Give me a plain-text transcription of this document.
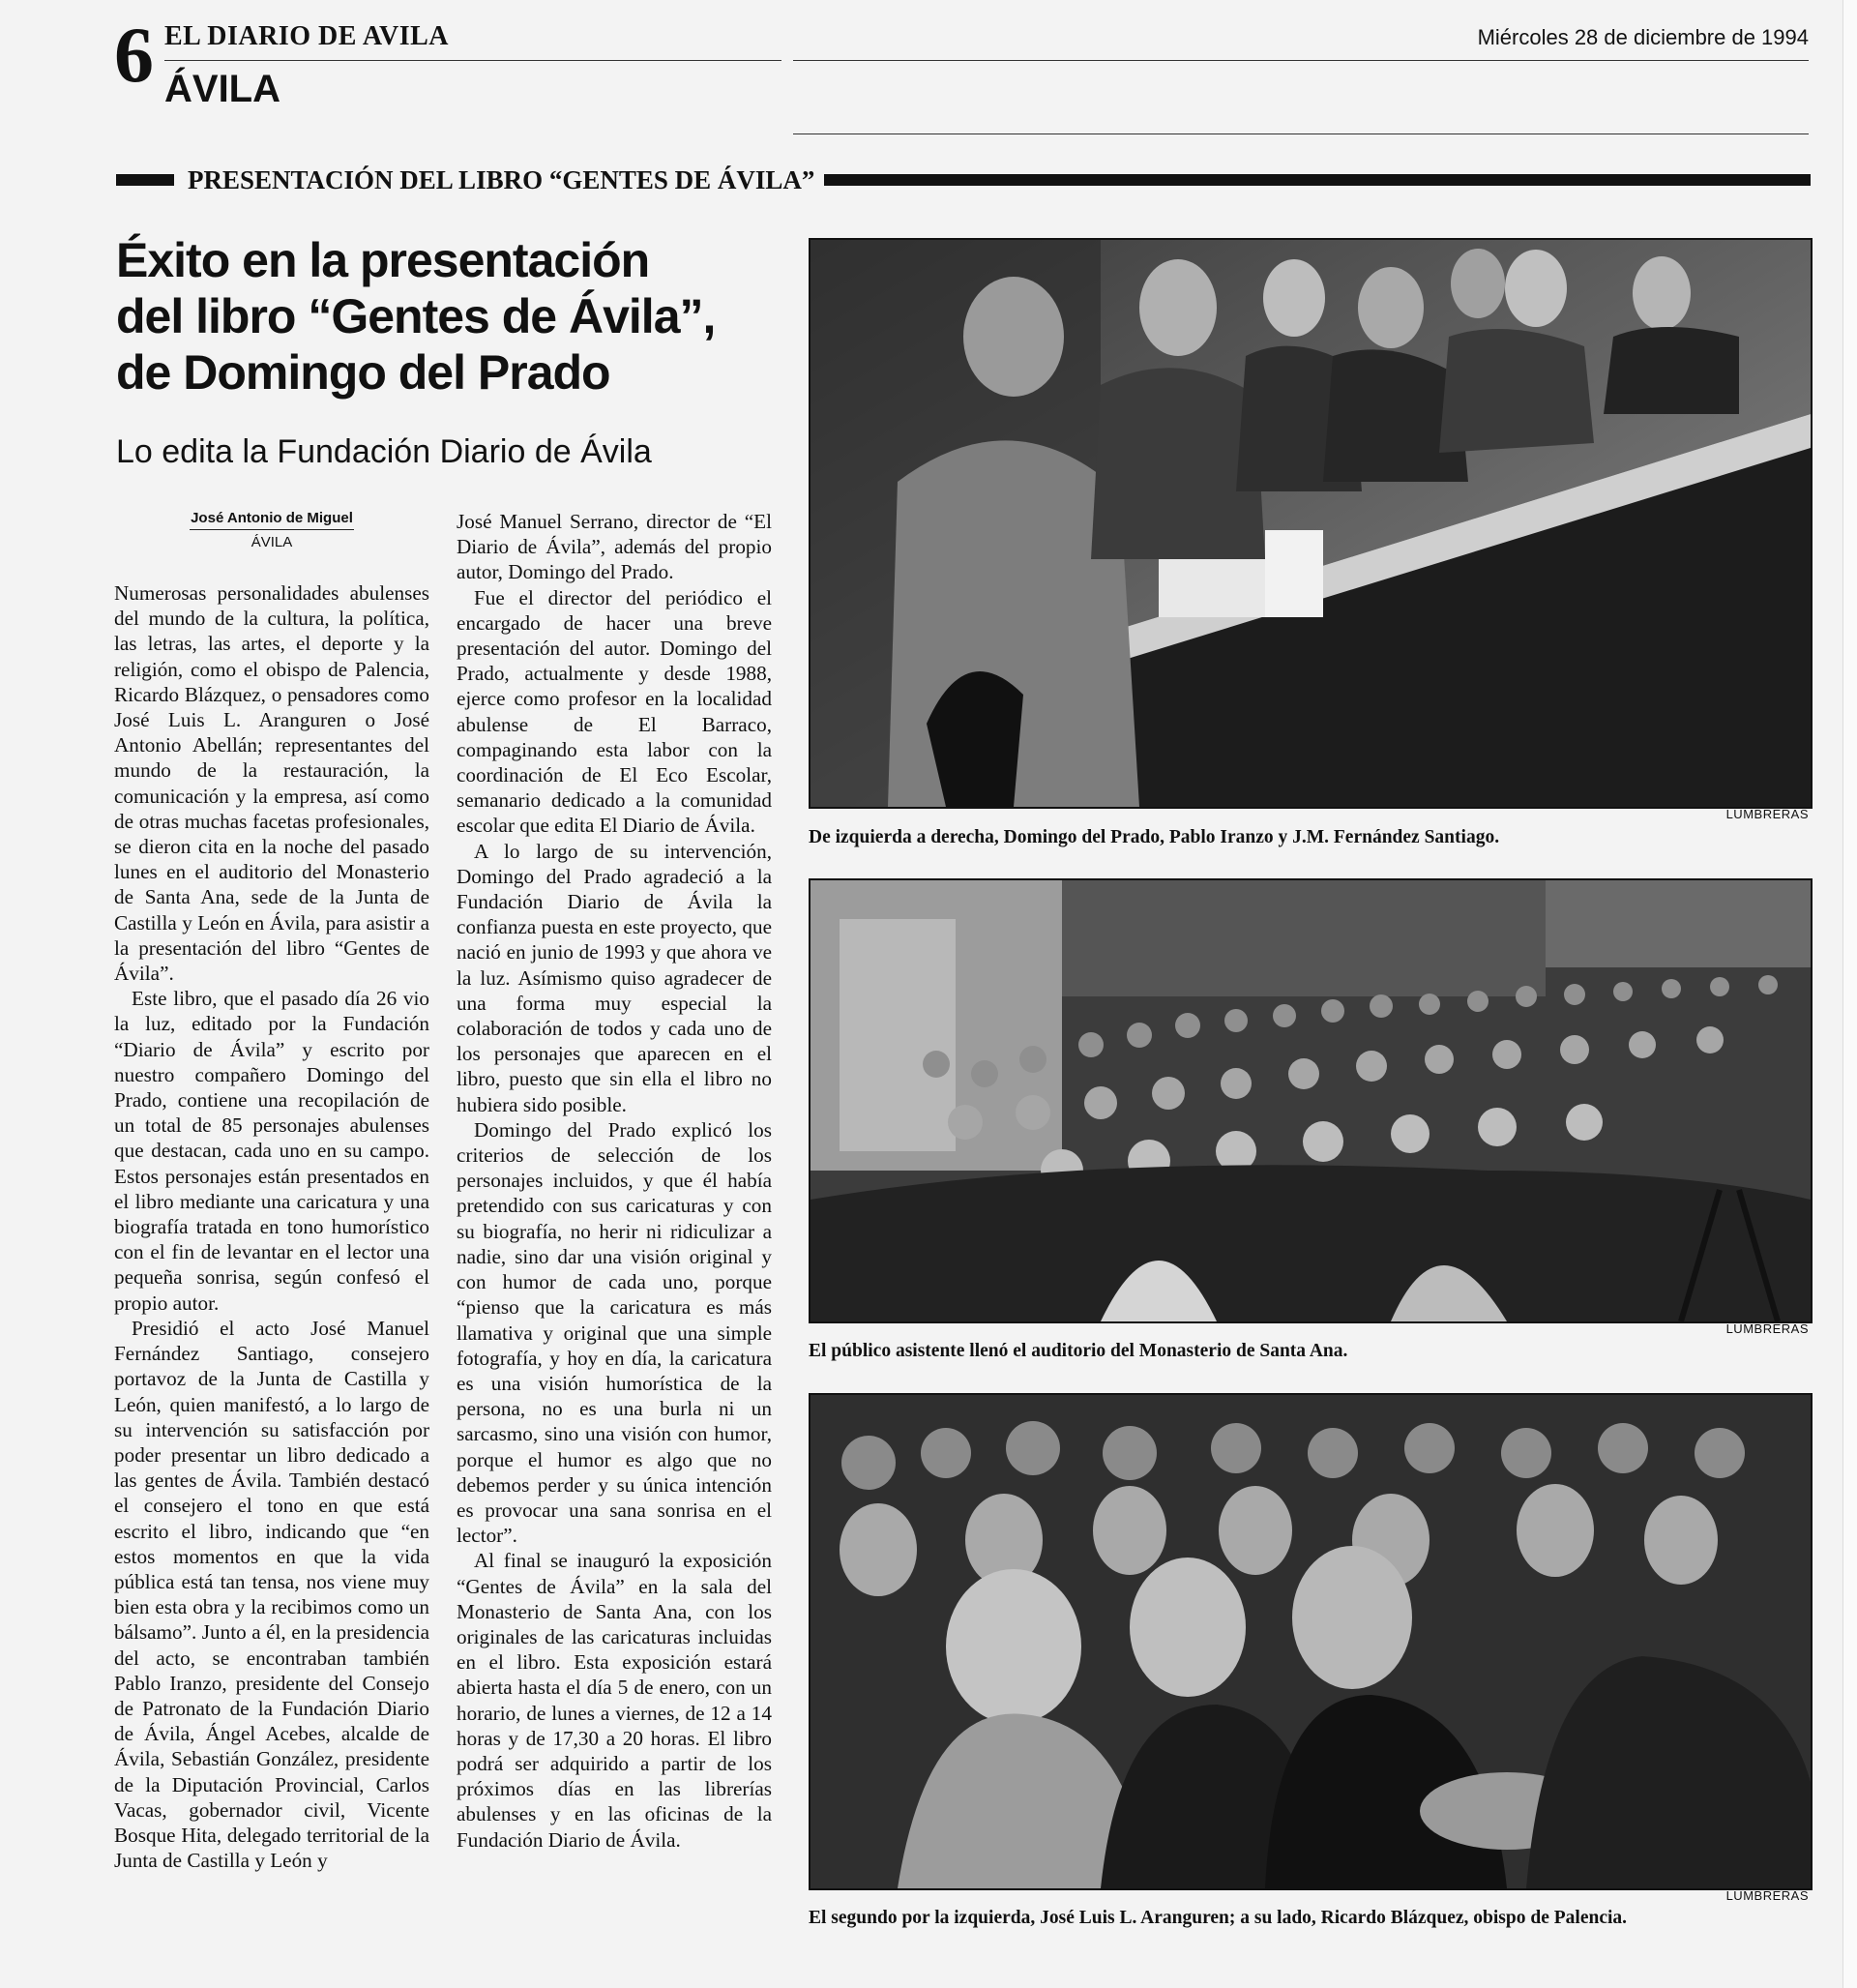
6 EL DIARIO DE AVILA
ÁVILA
Miércoles 28 de diciembre de 1994
PRESENTACIÓN DEL LIBRO “GENTES DE ÁVILA”
Éxito en la presentación
del libro “Gentes de Ávila”,
de Domingo del Prado
Lo edita la Fundación Diario de Ávila
José Antonio de Miguel
ÁVILA

Numerosas personalidades abulenses del mundo de la cultura, la política, las letras, las artes, el deporte y la religión, como el obispo de Palencia, Ricardo Blázquez, o pensadores como José Luis L. Aranguren o José Antonio Abellán; representantes del mundo de la restauración, la comunicación y la empresa, así como de otras muchas facetas profesionales, se dieron cita en la noche del pasado lunes en el auditorio del Monasterio de Santa Ana, sede de la Junta de Castilla y León en Ávila, para asistir a la presentación del libro “Gentes de Ávila”.

Este libro, que el pasado día 26 vio la luz, editado por la Fundación “Diario de Ávila” y escrito por nuestro compañero Domingo del Prado, contiene una recopilación de un total de 85 personajes abulenses que destacan, cada uno en su campo. Estos personajes están presentados en el libro mediante una caricatura y una biografía tratada en tono humorístico con el fin de levantar en el lector una pequeña sonrisa, según confesó el propio autor.

Presidió el acto José Manuel Fernández Santiago, consejero portavoz de la Junta de Castilla y León, quien manifestó, a lo largo de su intervención su satisfacción por poder presentar un libro dedicado a las gentes de Ávila. También destacó el consejero el tono en que está escrito el libro, indicando que “en estos momentos en que la vida pública está tan tensa, nos viene muy bien esta obra y la recibimos como un bálsamo”. Junto a él, en la presidencia del acto, se encontraban también Pablo Iranzo, presidente del Consejo de Patronato de la Fundación Diario de Ávila, Ángel Acebes, alcalde de Ávila, Sebastián González, presidente de la Diputación Provincial, Carlos Vacas, gobernador civil, Vicente Bosque Hita, delegado territorial de la Junta de Castilla y León y

José Manuel Serrano, director de “El Diario de Ávila”, además del propio autor, Domingo del Prado.

Fue el director del periódico el encargado de hacer una breve presentación del autor. Domingo del Prado, actualmente y desde 1988, ejerce como profesor en la localidad abulense de El Barraco, compaginando esta labor con la coordinación de El Eco Escolar, semanario dedicado a la comunidad escolar que edita El Diario de Ávila.

A lo largo de su intervención, Domingo del Prado agradeció a la Fundación Diario de Ávila la confianza puesta en este proyecto, que nació en junio de 1993 y que ahora ve la luz. Asímismo quiso agradecer de una forma muy especial la colaboración de todos y cada uno de los personajes que aparecen en el libro, puesto que sin ella el libro no hubiera sido posible.

Domingo del Prado explicó los criterios de selección de los personajes incluidos, y que él había pretendido con sus caricaturas y con su biografía, no herir ni ridiculizar a nadie, sino dar una visión original y con humor de cada uno, porque “pienso que la caricatura es más llamativa y original que una simple fotografía, y hoy en día, la caricatura es una visión humorística de la persona, no es una burla ni un sarcasmo, sino una visión con humor, porque el humor es algo que no debemos perder y su única intención es provocar una sana sonrisa en el lector”.

Al final se inauguró la exposición “Gentes de Ávila” en la sala del Monasterio de Santa Ana, con los originales de las caricaturas incluidas en el libro. Esta exposición estará abierta hasta el día 5 de enero, con un horario, de lunes a viernes, de 12 a 14 horas y de 17,30 a 20 horas. El libro podrá ser adquirido a partir de los próximos días en las librerías abulenses y en las oficinas de la Fundación Diario de Ávila.

LUMBRERAS
De izquierda a derecha, Domingo del Prado, Pablo Iranzo y J.M. Fernández Santiago.
LUMBRERAS
El público asistente llenó el auditorio del Monasterio de Santa Ana.
LUMBRERAS
El segundo por la izquierda, José Luis L. Aranguren; a su lado, Ricardo Blázquez, obispo de Palencia.
